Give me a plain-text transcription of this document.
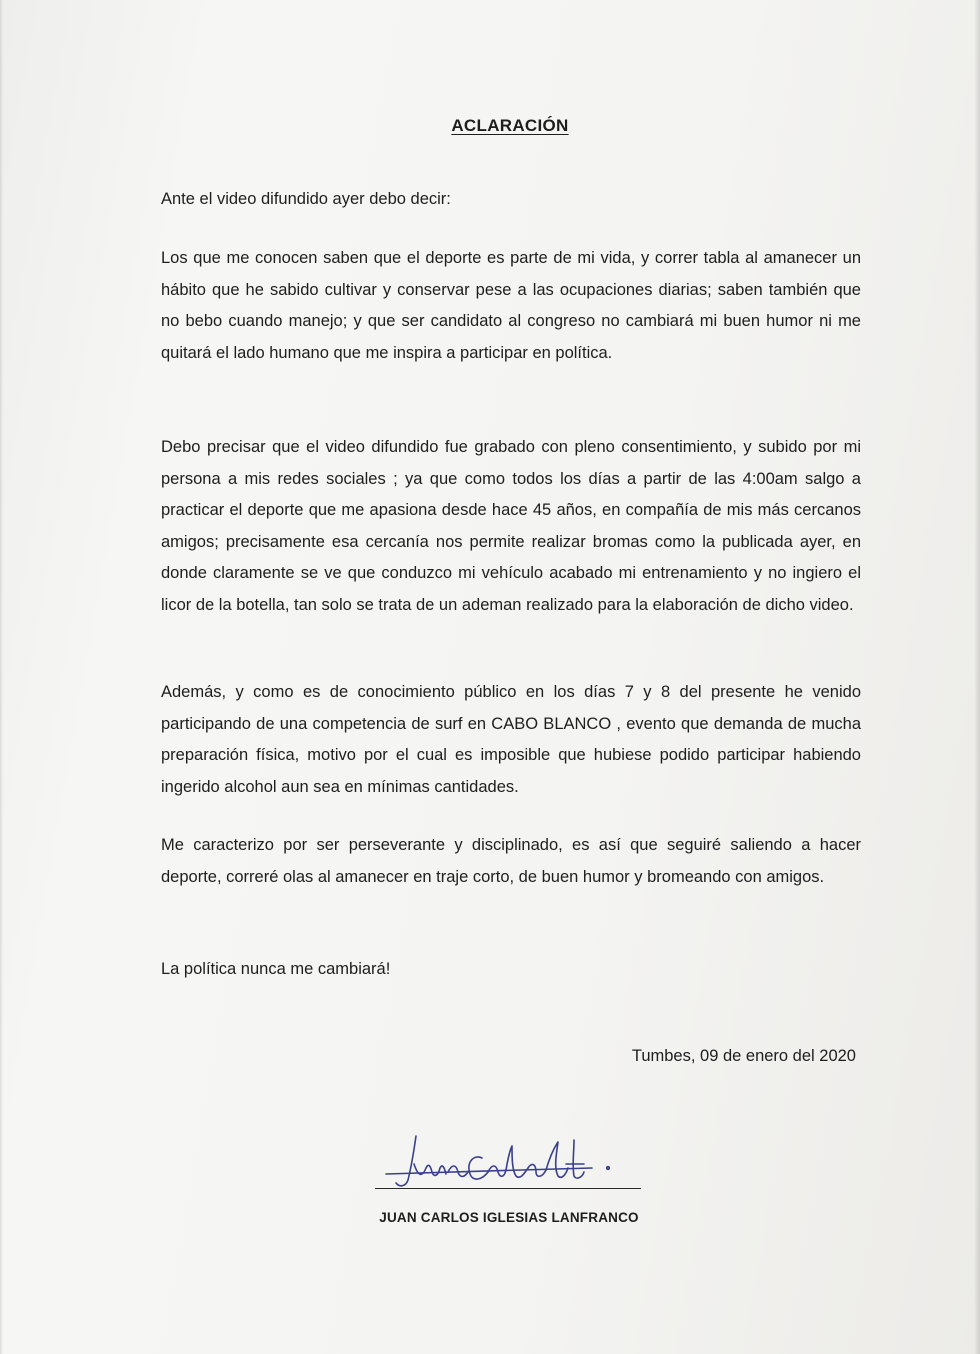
ACLARACIÓN

Ante el video difundido ayer debo decir:

Los que me conocen saben que el deporte es parte de mi vida, y correr tabla al amanecer un hábito que he sabido cultivar y conservar pese a las ocupaciones diarias; saben también que no bebo cuando manejo; y que ser candidato al congreso no cambiará mi buen humor ni me quitará el lado humano que me inspira a participar en política.

Debo precisar que el video difundido fue grabado con pleno consentimiento, y subido por mi persona a mis redes sociales ; ya que como todos los días a partir de las 4:00am salgo a practicar el deporte que me apasiona desde hace 45 años, en compañía de mis más cercanos amigos; precisamente esa cercanía nos permite realizar bromas como la publicada ayer, en donde claramente se ve que conduzco mi vehículo acabado mi entrenamiento y no ingiero el licor de la botella, tan solo se trata de un ademan realizado para la elaboración de dicho video.

Además, y como es de conocimiento público en los días 7 y 8 del presente he venido participando de una competencia de surf en CABO BLANCO , evento que demanda de mucha preparación física, motivo por el cual es imposible que hubiese podido participar habiendo ingerido alcohol aun sea en mínimas cantidades.

Me caracterizo por ser perseverante y disciplinado, es así que seguiré saliendo a hacer deporte, correré olas al amanecer en traje corto, de buen humor y bromeando con amigos.

La política nunca me cambiará!

Tumbes, 09 de enero del 2020

JUAN CARLOS IGLESIAS LANFRANCO
